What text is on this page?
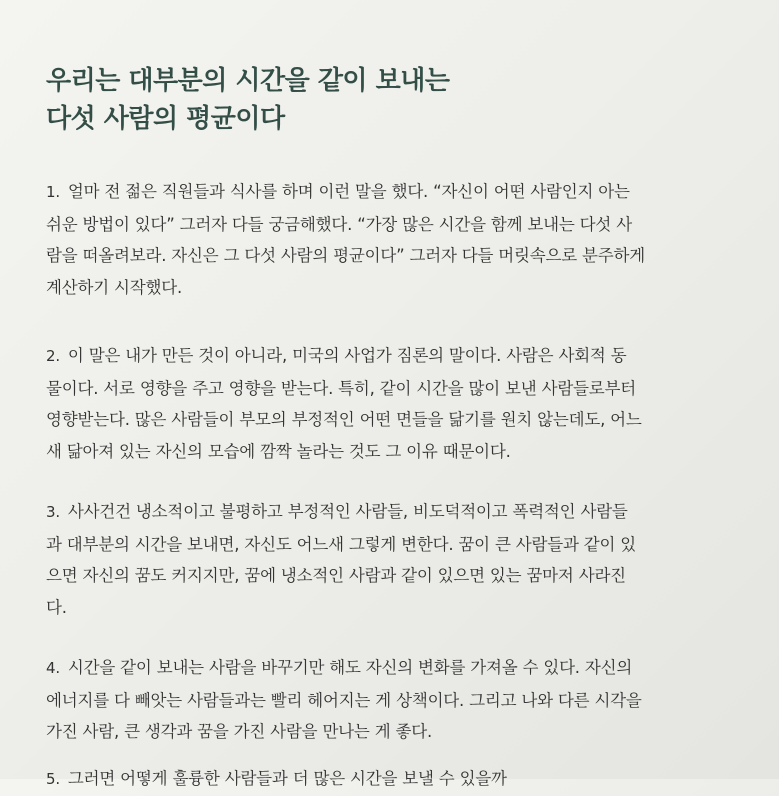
우리는 대부분의 시간을 같이 보내는
다섯 사람의 평균이다
1. 얼마 전 젊은 직원들과 식사를 하며 이런 말을 했다. “자신이 어떤 사람인지 아는
쉬운 방법이 있다” 그러자 다들 궁금해했다. “가장 많은 시간을 함께 보내는 다섯 사
람을 떠올려보라. 자신은 그 다섯 사람의 평균이다” 그러자 다들 머릿속으로 분주하게
계산하기 시작했다.
2. 이 말은 내가 만든 것이 아니라, 미국의 사업가 짐론의 말이다. 사람은 사회적 동
물이다. 서로 영향을 주고 영향을 받는다. 특히, 같이 시간을 많이 보낸 사람들로부터
영향받는다. 많은 사람들이 부모의 부정적인 어떤 면들을 닮기를 원치 않는데도, 어느
새 닮아져 있는 자신의 모습에 깜짝 놀라는 것도 그 이유 때문이다.
3. 사사건건 냉소적이고 불평하고 부정적인 사람들, 비도덕적이고 폭력적인 사람들
과 대부분의 시간을 보내면, 자신도 어느새 그렇게 변한다. 꿈이 큰 사람들과 같이 있
으면 자신의 꿈도 커지지만, 꿈에 냉소적인 사람과 같이 있으면 있는 꿈마저 사라진
다.
4. 시간을 같이 보내는 사람을 바꾸기만 해도 자신의 변화를 가져올 수 있다. 자신의
에너지를 다 빼앗는 사람들과는 빨리 헤어지는 게 상책이다. 그리고 나와 다른 시각을
가진 사람, 큰 생각과 꿈을 가진 사람을 만나는 게 좋다.
5. 그러면 어떻게 훌륭한 사람들과 더 많은 시간을 보낼 수 있을까
